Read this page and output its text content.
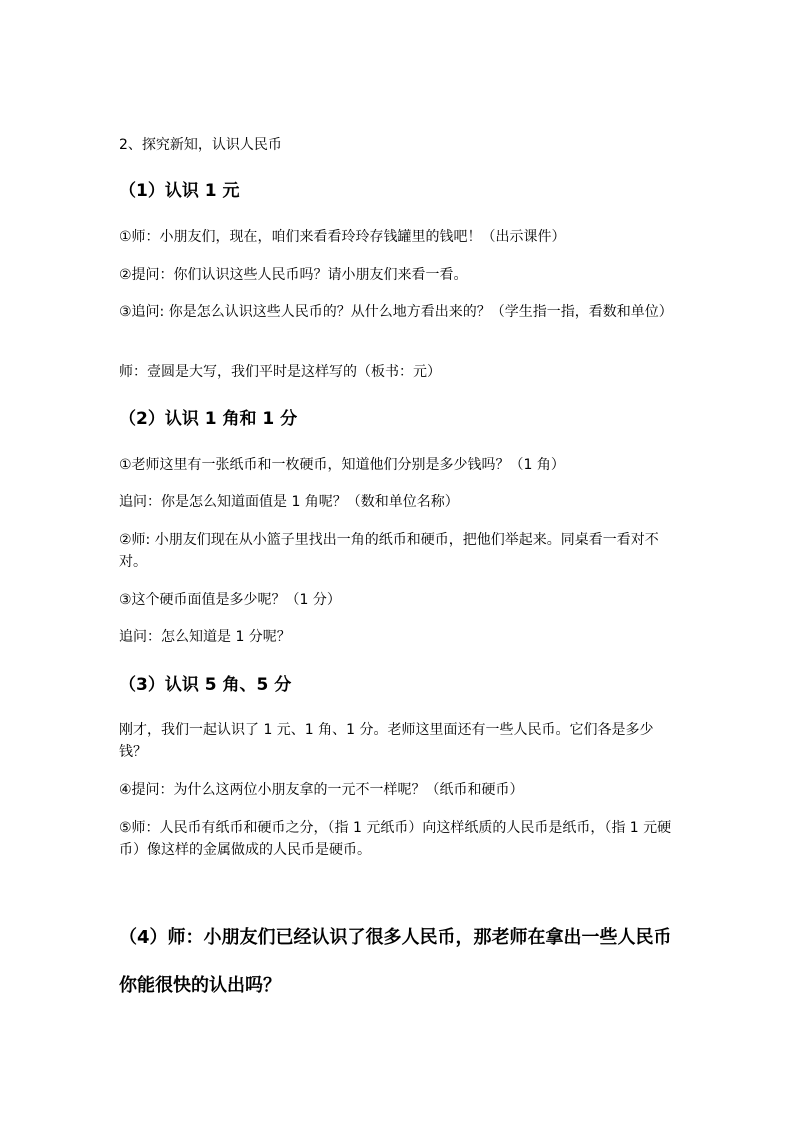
2、探究新知，认识人民币

（1）认识 1 元

①师：小朋友们，现在，咱们来看看玲玲存钱罐里的钱吧！（出示课件）

②提问：你们认识这些人民币吗？请小朋友们来看一看。

③追问: 你是怎么认识这些人民币的？从什么地方看出来的？（学生指一指，看数和单位）

师：壹圆是大写，我们平时是这样写的（板书：元）

（2）认识 1 角和 1 分

①老师这里有一张纸币和一枚硬币，知道他们分别是多少钱吗？（1 角）

追问：你是怎么知道面值是 1 角呢？（数和单位名称）

②师: 小朋友们现在从小篮子里找出一角的纸币和硬币，把他们举起来。同桌看一看对不对。

③这个硬币面值是多少呢？（1 分）

追问：怎么知道是 1 分呢？

（3）认识 5 角、5 分

刚才，我们一起认识了 1 元、1 角、1 分。老师这里面还有一些人民币。它们各是多少钱？

④提问：为什么这两位小朋友拿的一元不一样呢？（纸币和硬币）

⑤师：人民币有纸币和硬币之分，（指 1 元纸币）向这样纸质的人民币是纸币，（指 1 元硬币）像这样的金属做成的人民币是硬币。

（4）师：小朋友们已经认识了很多人民币，那老师在拿出一些人民币你能很快的认出吗？
